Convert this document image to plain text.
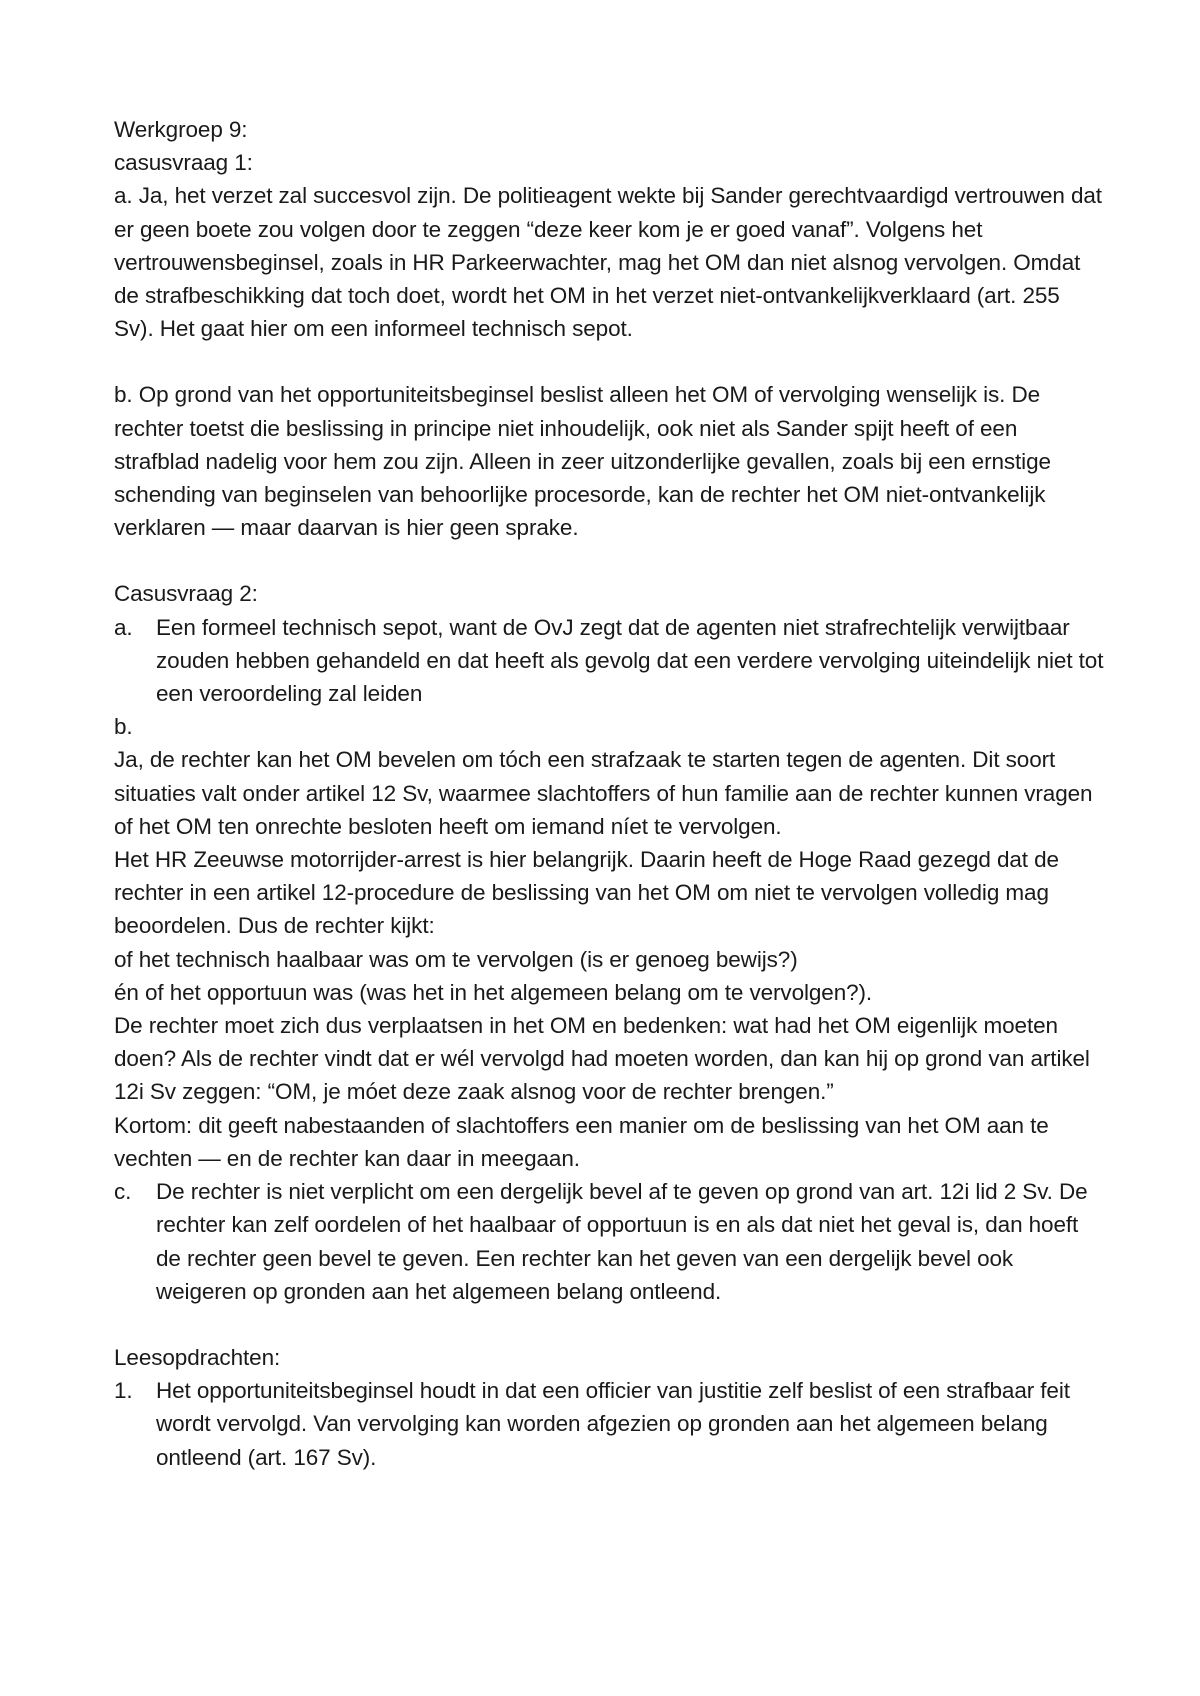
Werkgroep 9:

casusvraag 1:

a. Ja, het verzet zal succesvol zijn. De politieagent wekte bij Sander gerechtvaardigd vertrouwen dat er geen boete zou volgen door te zeggen “deze keer kom je er goed vanaf”. Volgens het vertrouwensbeginsel, zoals in HR Parkeerwachter, mag het OM dan niet alsnog vervolgen. Omdat de strafbeschikking dat toch doet, wordt het OM in het verzet niet-ontvankelijkverklaard (art. 255 Sv). Het gaat hier om een informeel technisch sepot.

b. Op grond van het opportuniteitsbeginsel beslist alleen het OM of vervolging wenselijk is. De rechter toetst die beslissing in principe niet inhoudelijk, ook niet als Sander spijt heeft of een strafblad nadelig voor hem zou zijn. Alleen in zeer uitzonderlijke gevallen, zoals bij een ernstige schending van beginselen van behoorlijke procesorde, kan de rechter het OM niet-ontvankelijk verklaren — maar daarvan is hier geen sprake.

Casusvraag 2:

a.	Een formeel technisch sepot, want de OvJ zegt dat de agenten niet strafrechtelijk verwijtbaar zouden hebben gehandeld en dat heeft als gevolg dat een verdere vervolging uiteindelijk niet tot een veroordeling zal leiden

b.

Ja, de rechter kan het OM bevelen om tóch een strafzaak te starten tegen de agenten. Dit soort situaties valt onder artikel 12 Sv, waarmee slachtoffers of hun familie aan de rechter kunnen vragen of het OM ten onrechte besloten heeft om iemand níet te vervolgen.

Het HR Zeeuwse motorrijder-arrest is hier belangrijk. Daarin heeft de Hoge Raad gezegd dat de rechter in een artikel 12-procedure de beslissing van het OM om niet te vervolgen volledig mag beoordelen. Dus de rechter kijkt:

of het technisch haalbaar was om te vervolgen (is er genoeg bewijs?)

én of het opportuun was (was het in het algemeen belang om te vervolgen?).

De rechter moet zich dus verplaatsen in het OM en bedenken: wat had het OM eigenlijk moeten doen? Als de rechter vindt dat er wél vervolgd had moeten worden, dan kan hij op grond van artikel 12i Sv zeggen: “OM, je móet deze zaak alsnog voor de rechter brengen.”

Kortom: dit geeft nabestaanden of slachtoffers een manier om de beslissing van het OM aan te vechten — en de rechter kan daar in meegaan.

c.	De rechter is niet verplicht om een dergelijk bevel af te geven op grond van art. 12i lid 2 Sv. De rechter kan zelf oordelen of het haalbaar of opportuun is en als dat niet het geval is, dan hoeft de rechter geen bevel te geven. Een rechter kan het geven van een dergelijk bevel ook weigeren op gronden aan het algemeen belang ontleend.

Leesopdrachten:

1.	Het opportuniteitsbeginsel houdt in dat een officier van justitie zelf beslist of een strafbaar feit wordt vervolgd. Van vervolging kan worden afgezien op gronden aan het algemeen belang ontleend (art. 167 Sv).
